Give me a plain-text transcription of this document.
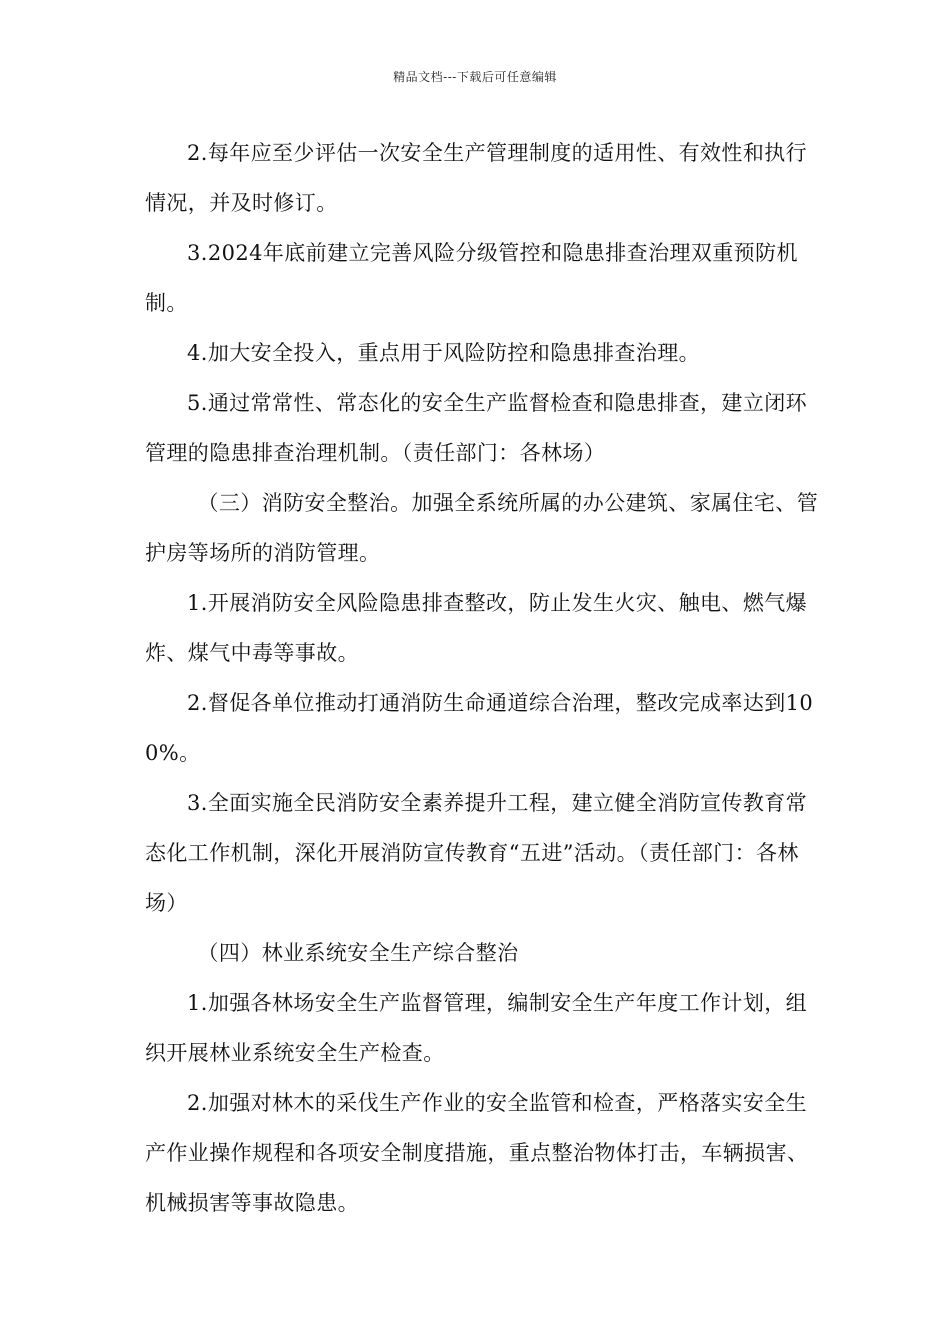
精品文档---下载后可任意编辑

2.每年应至少评估一次安全生产管理制度的适用性、有效性和执行情况，并及时修订。

3.2024年底前建立完善风险分级管控和隐患排查治理双重预防机制。

4.加大安全投入，重点用于风险防控和隐患排查治理。

5.通过常常性、常态化的安全生产监督检查和隐患排查，建立闭环管理的隐患排查治理机制。（责任部门：各林场）

（三）消防安全整治。加强全系统所属的办公建筑、家属住宅、管护房等场所的消防管理。

1.开展消防安全风险隐患排查整改，防止发生火灾、触电、燃气爆炸、煤气中毒等事故。

2.督促各单位推动打通消防生命通道综合治理，整改完成率达到100%。

3.全面实施全民消防安全素养提升工程，建立健全消防宣传教育常态化工作机制，深化开展消防宣传教育“五进”活动。（责任部门：各林场）

（四）林业系统安全生产综合整治

1.加强各林场安全生产监督管理，编制安全生产年度工作计划，组织开展林业系统安全生产检查。

2.加强对林木的采伐生产作业的安全监管和检查，严格落实安全生产作业操作规程和各项安全制度措施，重点整治物体打击，车辆损害、机械损害等事故隐患。
